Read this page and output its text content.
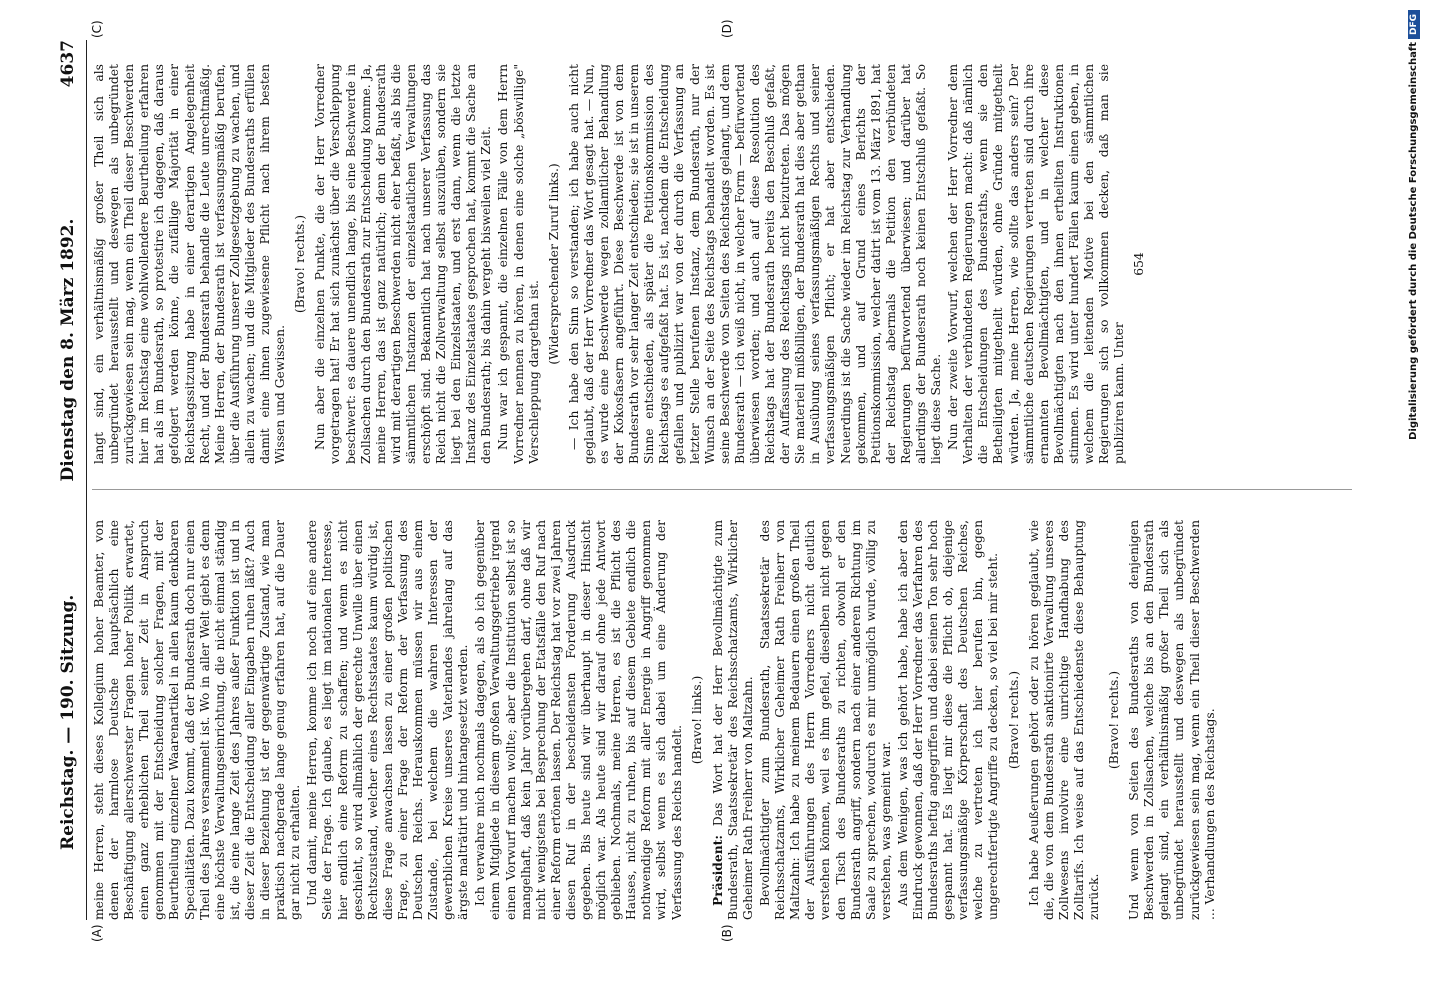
Reichstag. — 190. Sitzung.
Dienstag den 8. März 1892.
4637
(A)	(B)
(C)	(D)

meine Herren, steht dieses Kollegium hoher Beamter, von denen der harmlose Deutsche hauptsächlich eine Beschäftigung allerschwerster Fragen hoher Politik erwartet, einen ganz erheblichen Theil seiner Zeit in Anspruch genommen mit der Entscheidung solcher Fragen, mit der Beurtheilung einzelner Waarenartikel in allen kaum denkbaren Specialitäten. Dazu kommt, daß der Bundesrath doch nur einen Theil des Jahres versammelt ist. Wo in aller Welt giebt es denn eine höchste Verwaltungseinrichtung, die nicht einmal ständig ist, die eine lange Zeit des Jahres außer Funktion ist und in dieser Zeit die Entscheidung aller Eingaben ruhen läßt? Auch in dieser Beziehung ist der gegenwärtige Zustand, wie man praktisch nachgerade lange genug erfahren hat, auf die Dauer gar nicht zu erhalten. Und damit, meine Herren, komme ich noch auf eine andere Seite der Frage. Ich glaube, es liegt im nationalen Interesse, hier endlich eine Reform zu schaffen; und wenn es nicht geschieht, so wird allmählich der gerechte Unwille über einen Rechtszustand, welcher eines Rechtsstaates kaum würdig ist, diese Frage anwachsen lassen zu einer großen politischen Frage, zu einer Frage der Reform der Verfassung des Deutschen Reichs. Herauskommen müssen wir aus einem Zustande, bei welchem die wahren Interessen der gewerblichen Kreise unseres Vaterlandes jahrelang auf das ärgste malträtirt und hintangesetzt werden. Ich verwahre mich nochmals dagegen, als ob ich gegenüber einem Mitgliede in diesem großen Verwaltungsgetriebe irgend einen Vorwurf machen wollte; aber die Institution selbst ist so mangelhaft, daß kein Jahr vorübergehen darf, ohne daß wir nicht wenigstens bei Besprechung der Etatsfälle den Ruf nach einer Reform ertönen lassen. Der Reichstag hat vor zwei Jahren diesen Ruf in der bescheidensten Forderung Ausdruck gegeben. Bis heute sind wir überhaupt in dieser Hinsicht möglich war. Als heute sind wir darauf ohne jede Antwort geblieben. Nochmals, meine Herren, es ist die Pflicht des Hauses, nicht zu ruhen, bis auf diesem Gebiete endlich die nothwendige Reform mit aller Energie in Angriff genommen wird, selbst wenn es sich dabei um eine Änderung der Verfassung des Reichs handelt.

(Bravo! links.)

Präsident: Das Wort hat der Herr Bevollmächtigte zum Bundesrath, Staatssekretär des Reichsschatzamts, Wirklicher Geheimer Rath Freiherr von Maltzahn. Bevollmächtigter zum Bundesrath, Staatssekretär des Reichsschatzamts, Wirklicher Geheimer Rath Freiherr von Maltzahn: Ich habe zu meinem Bedauern einen großen Theil der Ausführungen des Herrn Vorredners nicht deutlich verstehen können, weil es ihm gefiel, dieselben nicht gegen den Tisch des Bundesraths zu richten, obwohl er den Bundesrath angriff, sondern nach einer anderen Richtung im Saale zu sprechen, wodurch es mir unmöglich wurde, völlig zu verstehen, was gemeint war. Aus dem Wenigen, was ich gehört habe, habe ich aber den Eindruck gewonnen, daß der Herr Vorredner das Verfahren des Bundesraths heftig angegriffen und dabei seinen Ton sehr hoch gespannt hat. Es liegt mir diese die Pflicht ob, diejenige verfassungsmäßige Körperschaft des Deutschen Reiches, welche zu vertreten ich hier berufen bin, gegen ungerechtfertigte Angriffe zu decken, so viel bei mir steht. (Bravo! rechts.) Ich habe Aeußerungen gehört oder zu hören geglaubt, wie die, die von dem Bundesrath sanktionirte Verwaltung unseres Zollwesens involvire eine unrichtige Handhabung des Zolltarifs. Ich weise auf das Entschiedenste diese Behauptung zurück.

(Bravo! rechts.) Und wenn von Seiten des Bundesraths von denjenigen Beschwerden in Zollsachen, welche bis an den Bundesrath gelangt sind, ein verhältnismäßig großer Theil sich als unbegründet herausstellt und deswegen als unbegründet zurückgewiesen sein mag, wenn ein Theil dieser Beschwerden ... Verhandlungen des Reichstags.

langt sind, ein verhältnismäßig großer Theil sich als unbegründet herausstellt und deswegen als unbegründet zurückgewiesen sein mag, wenn ein Theil dieser Beschwerden hier im Reichstag eine wohlwollendere Beurtheilung erfahren hat als im Bundesrath, so protestire ich dagegen, daß daraus gefolgert werden könne, die zufällige Majorität in einer Reichstagssitzung habe in einer derartigen Angelegenheit Recht, und der Bundesrath behandle die Leute unrechtmäßig. Meine Herren, der Bundesrath ist verfassungsmäßig berufen, über die Ausführung unserer Zollgesetzgebung zu wachen, und allein zu wachen; und die Mitglieder des Bundesraths erfüllen damit eine ihnen zugewiesene Pflicht nach ihrem besten Wissen und Gewissen.

(Bravo! rechts.) Nun aber die einzelnen Punkte, die der Herr Vorredner vorgetragen hat! Er hat sich zunächst über die Verschleppung beschwert: es dauere unendlich lange, bis eine Beschwerde in Zollsachen durch den Bundesrath zur Entscheidung komme. Ja, meine Herren, das ist ganz natürlich; denn der Bundesrath wird mit derartigen Beschwerden nicht eher befaßt, als bis die sämmtlichen Instanzen der einzelstaatlichen Verwaltungen erschöpft sind. Bekanntlich hat nach unserer Verfassung das Reich nicht die Zollverwaltung selbst auszuüben, sondern sie liegt bei den Einzelstaaten, und erst dann, wenn die letzte Instanz des Einzelstaates gesprochen hat, kommt die Sache an den Bundesrath; bis dahin vergeht bisweilen viel Zeit. Nun war ich gespannt, die einzelnen Fälle von dem Herrn Vorredner nennen zu hören, in denen eine solche „böswillige" Verschleppung dargethan ist.

(Widersprechender Zuruf links.) — Ich habe den Sinn so verstanden; ich habe auch nicht geglaubt, daß der Herr Vorredner das Wort gesagt hat. — Nun, es wurde eine Beschwerde wegen zollamtlicher Behandlung der Kokosfasern angeführt. Diese Beschwerde ist von dem Bundesrath vor sehr langer Zeit entschieden; sie ist in unserem Sinne entschieden, als später die Petitionskommission des Reichstags es aufgefaßt hat. Es ist, nachdem die Entscheidung gefallen und publizirt war von der durch die Verfassung an letzter Stelle berufenen Instanz, dem Bundesrath, nur der Wunsch an der Seite des Reichstags behandelt worden. Es ist seine Beschwerde von Seiten des Reichstags gelangt, und dem Bundesrath — ich weiß nicht, in welcher Form — befürwortend überwiesen worden; und auch auf diese Resolution des Reichstags hat der Bundesrath bereits den Beschluß gefaßt, der Auffassung des Reichstags nicht beizutreten. Das mögen Sie materiell mißbilligen, der Bundesrath hat dies aber gethan in Ausübung seines verfassungsmäßigen Rechts und seiner verfassungsmäßigen Pflicht; er hat aber entschieden. Neuerdings ist die Sache wieder im Reichstag zur Verhandlung gekommen, und auf Grund eines Berichts der Petitionskommission, welcher datirt ist vom 13. März 1891, hat der Reichstag abermals die Petition den verbündeten Regierungen befürwortend überwiesen; und darüber hat allerdings der Bundesrath noch keinen Entschluß gefaßt. So liegt diese Sache. Nun der zweite Vorwurf, welchen der Herr Vorredner dem Verhalten der verbündeten Regierungen macht: daß nämlich die Entscheidungen des Bundesraths, wenn sie den Betheiligten mitgetheilt würden, ohne Gründe mitgetheilt würden. Ja, meine Herren, wie sollte das anders sein? Der sämmtliche deutschen Regierungen vertreten sind durch ihre ernannten Bevollmächtigten, und in welcher diese Bevollmächtigten nach den ihnen ertheilten Instruktionen stimmen. Es wird unter hundert Fällen kaum einen geben, in welchem die leitenden Motive bei den sämmtlichen Regierungen sich so vollkommen decken, daß man sie publiziren kann. Unter

654	Digitalisierung gefördert durch die Deutsche ForschungsgemeinschaftDFG
